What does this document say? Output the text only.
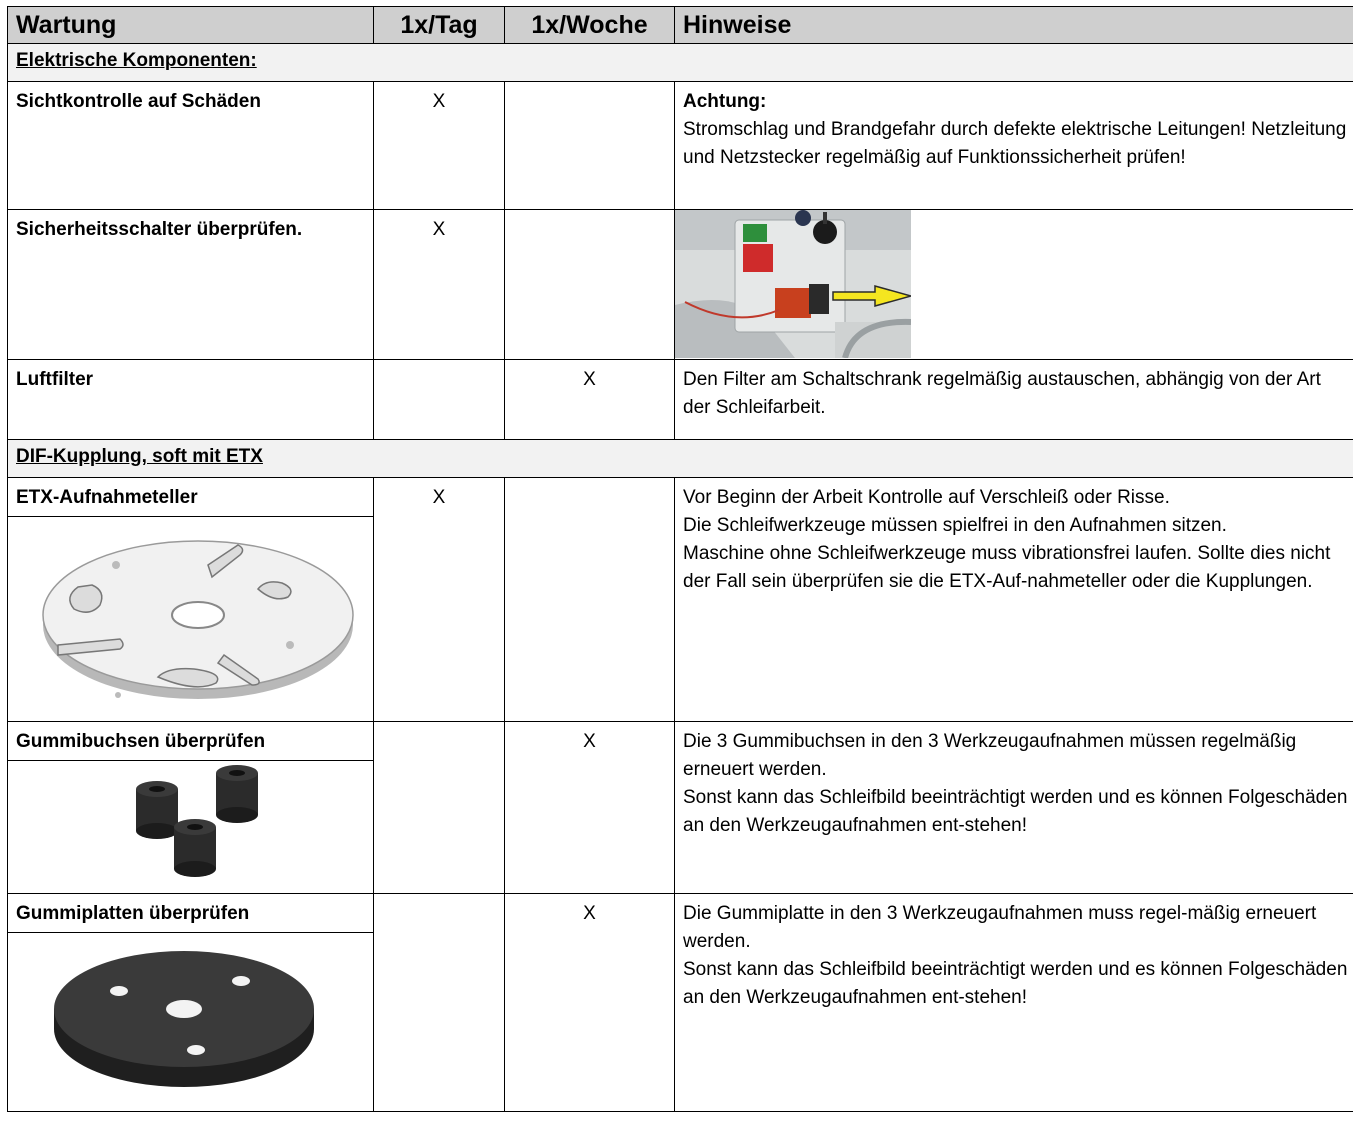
Wartung	1x/Tag	1x/Woche	Hinweise
Elektrische Komponenten:			
Sichtkontrolle auf Schäden	X		Achtung:
Stromschlag und Brandgefahr durch defekte elektrische Leitungen! Netzleitung und Netzstecker regelmäßig auf Funktionssicherheit prüfen!

Sicherheitsschalter überprüfen.	X		

Luftfilter		X	Den Filter am Schaltschrank regelmäßig austauschen, abhängig von der Art der Schleifarbeit.
DIF-Kupplung, soft mit ETX			

ETX-Aufnahmeteller	X		Vor Beginn der Arbeit Kontrolle auf Verschleiß oder Risse.
Die Schleifwerkzeuge müssen spielfrei in den Aufnahmen sitzen.
Maschine ohne Schleifwerkzeuge muss vibrationsfrei laufen. Sollte dies nicht der Fall sein überprüfen sie die ETX-Auf-nahmeteller oder die Kupplungen.

Gummibuchsen überprüfen		X	Die 3 Gummibuchsen in den 3 Werkzeugaufnahmen müssen regelmäßig erneuert werden.
Sonst kann das Schleifbild beeinträchtigt werden und es können Folgeschäden an den Werkzeugaufnahmen ent-stehen!

Gummiplatten überprüfen		X	Die Gummiplatte in den 3 Werkzeugaufnahmen muss regel-mäßig erneuert werden.
Sonst kann das Schleifbild beeinträchtigt werden und es können Folgeschäden an den Werkzeugaufnahmen ent-stehen!
